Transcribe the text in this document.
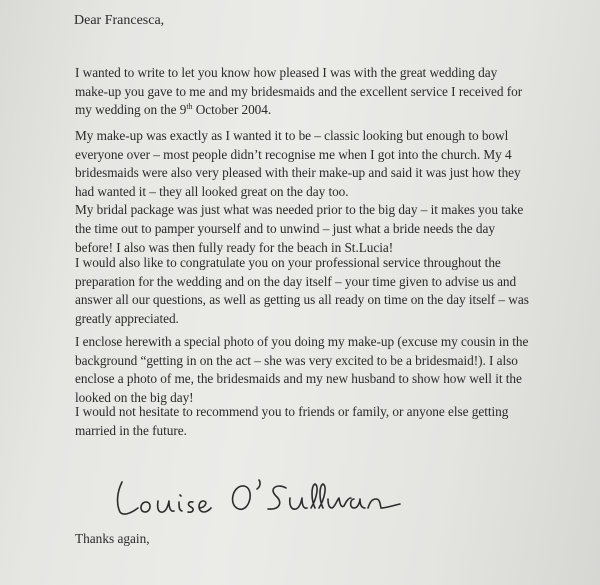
Dear Francesca,

I wanted to write to let you know how pleased I was with the great wedding day
make-up you gave to me and my bridesmaids and the excellent service I received for
my wedding on the 9th October 2004.

My make-up was exactly as I wanted it to be – classic looking but enough to bowl
everyone over – most people didn’t recognise me when I got into the church. My 4
bridesmaids were also very pleased with their make-up and said it was just how they
had wanted it – they all looked great on the day too.
My bridal package was just what was needed prior to the big day – it makes you take
the time out to pamper yourself and to unwind – just what a bride needs the day
before! I also was then fully ready for the beach in St.Lucia!

I would also like to congratulate you on your professional service throughout the
preparation for the wedding and on the day itself – your time given to advise us and
answer all our questions, as well as getting us all ready on time on the day itself – was
greatly appreciated.

I enclose herewith a special photo of you doing my make-up (excuse my cousin in the
background “getting in on the act – she was very excited to be a bridesmaid!). I also
enclose a photo of me, the bridesmaids and my new husband to show how well it the
looked on the big day!

I would not hesitate to recommend you to friends or family, or anyone else getting
married in the future.

Thanks again,
